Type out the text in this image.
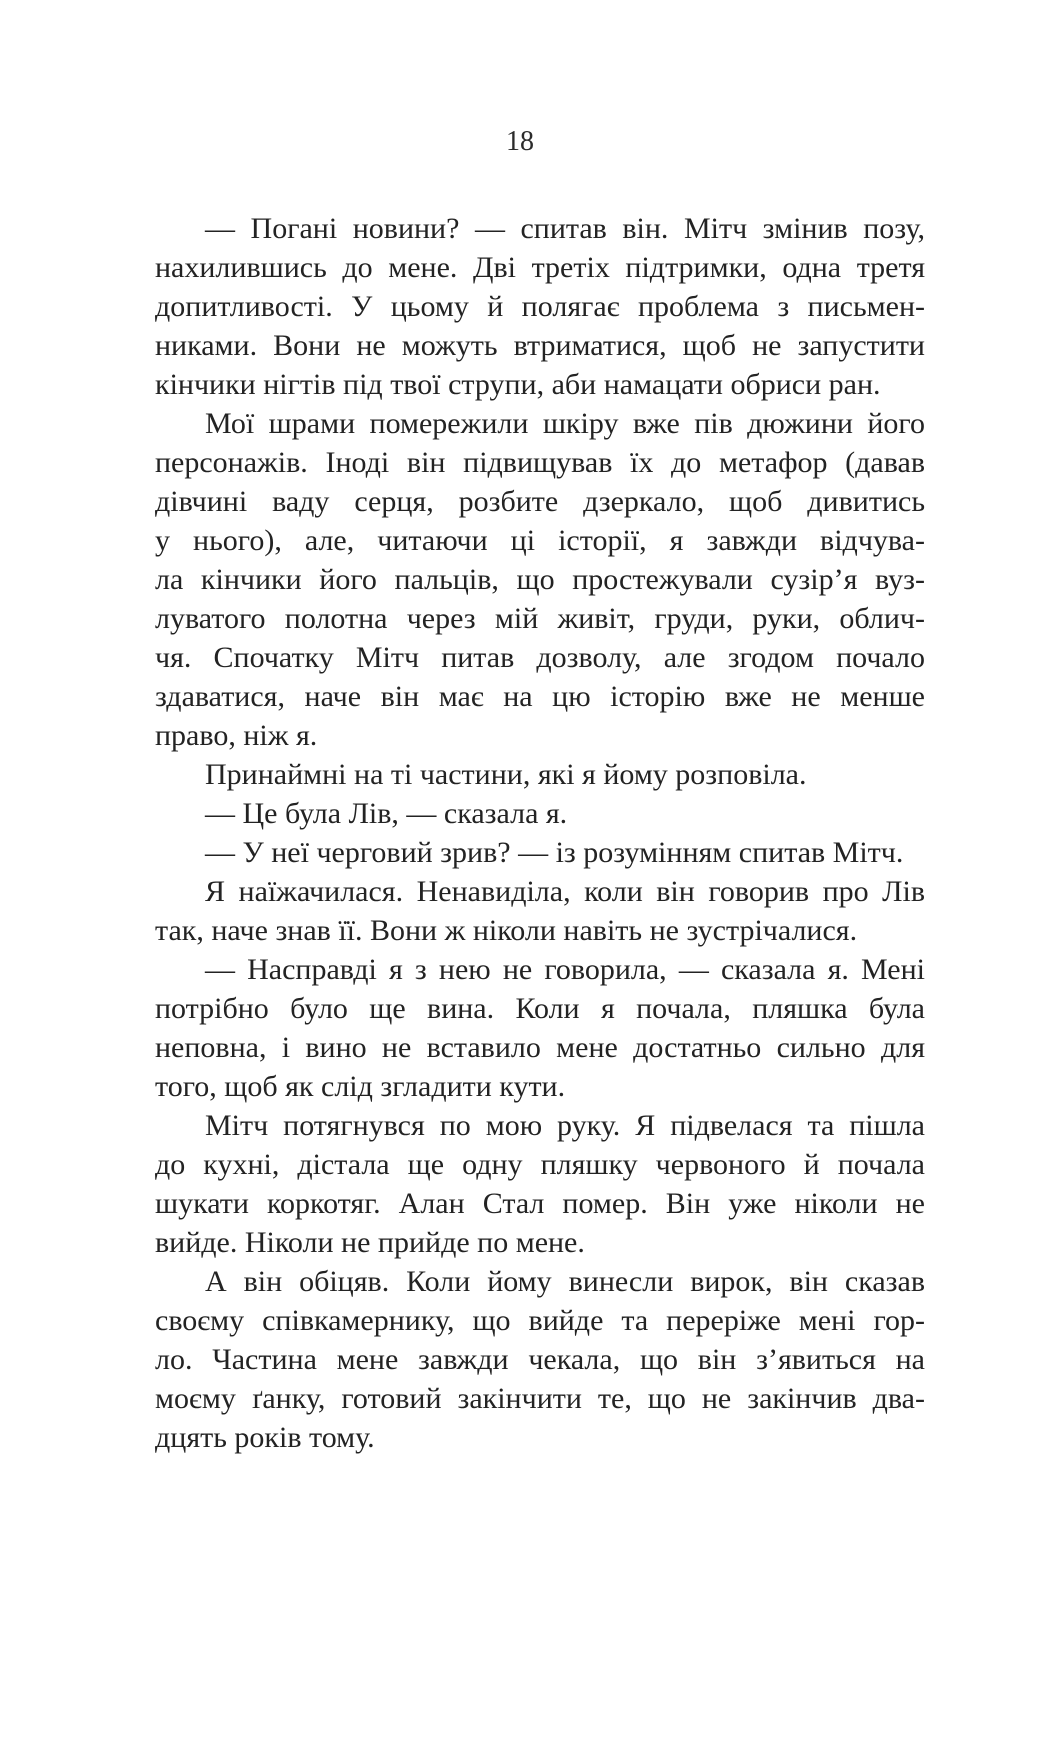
18

— Погані новини? — спитав він. Мітч змінив позу,
нахилившись до мене. Дві третіх підтримки, одна третя
допитливості. У цьому й полягає проблема з письмен-
никами. Вони не можуть втриматися, щоб не запустити
кінчики нігтів під твої струпи, аби намацати обриси ран.

Мої шрами помережили шкіру вже пів дюжини його
персонажів. Іноді він підвищував їх до метафор (давав
дівчині ваду серця, розбите дзеркало, щоб дивитись
у нього), але, читаючи ці історії, я завжди відчува-
ла кінчики його пальців, що простежували сузір’я вуз-
луватого полотна через мій живіт, груди, руки, облич-
чя. Спочатку Мітч питав дозволу, але згодом почало
здаватися, наче він має на цю історію вже не менше
право, ніж я.

Принаймні на ті частини, які я йому розповіла.

— Це була Лів, — сказала я.

— У неї черговий зрив? — із розумінням спитав Мітч.

Я наїжачилася. Ненавиділа, коли він говорив про Лів
так, наче знав її. Вони ж ніколи навіть не зустрічалися.

— Насправді я з нею не говорила, — сказала я. Мені
потрібно було ще вина. Коли я почала, пляшка була
неповна, і вино не вставило мене достатньо сильно для
того, щоб як слід згладити кути.

Мітч потягнувся по мою руку. Я підвелася та пішла
до кухні, дістала ще одну пляшку червоного й почала
шукати коркотяг. Алан Стал помер. Він уже ніколи не
вийде. Ніколи не прийде по мене.

А він обіцяв. Коли йому винесли вирок, він сказав
своєму співкамернику, що вийде та переріже мені гор-
ло. Частина мене завжди чекала, що він з’явиться на
моєму ґанку, готовий закінчити те, що не закінчив два-
дцять років тому.
